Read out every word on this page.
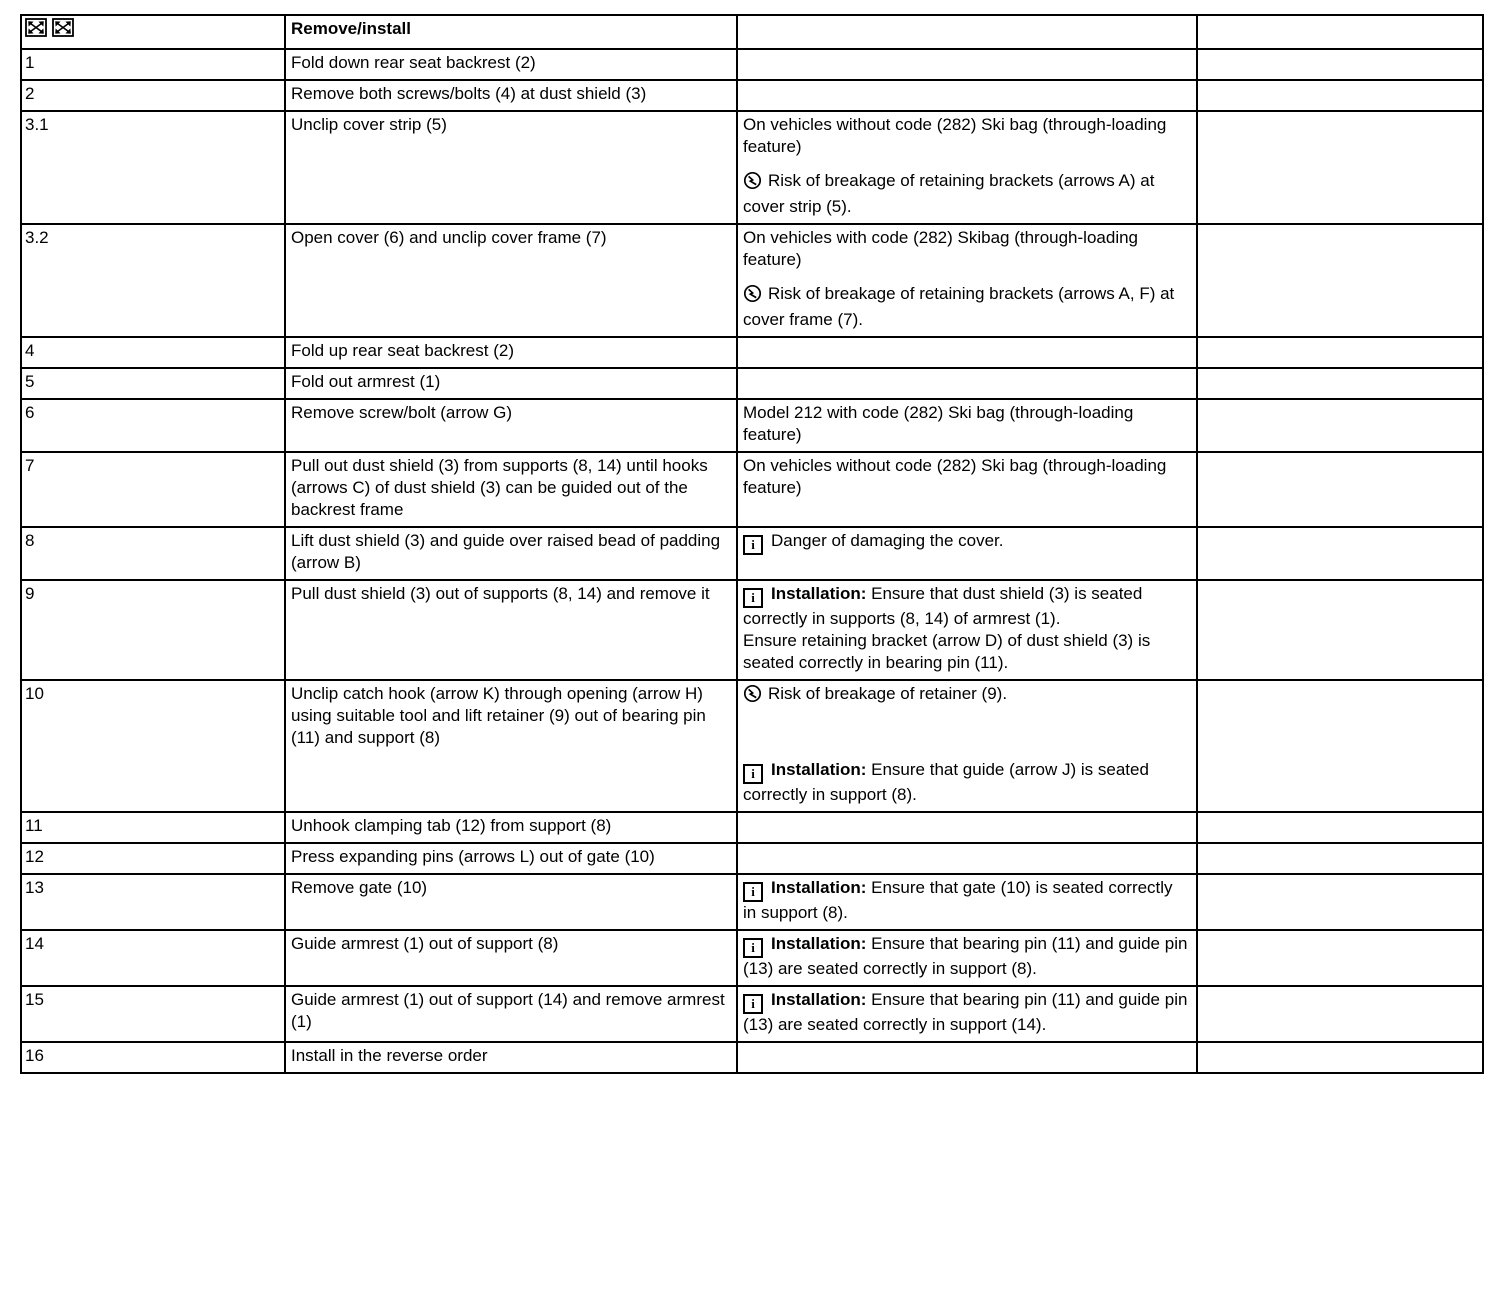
	Remove/install		
1	Fold down rear seat backrest (2)		
2	Remove both screws/bolts (4) at dust shield (3)		
3.1	Unclip cover strip (5)	On vehicles without code (282) Ski bag (through-loading feature)
Risk of breakage of retaining brackets (arrows A) at cover strip (5).	

3.2	Open cover (6) and unclip cover frame (7)	On vehicles with code (282) Skibag (through-loading feature)
Risk of breakage of retaining brackets (arrows A, F) at cover frame (7).	

4	Fold up rear seat backrest (2)		
5	Fold out armrest (1)		
6	Remove screw/bolt (arrow G)	Model 212 with code (282) Ski bag (through-loading feature)	

7	Pull out dust shield (3) from supports (8, 14) until hooks (arrows C) of dust shield (3) can be guided out of the backrest frame	On vehicles without code (282) Ski bag (through-loading feature)	

8	Lift dust shield (3) and guide over raised bead of padding (arrow B)	i Danger of damaging the cover.	

9	Pull dust shield (3) out of supports (8, 14) and remove it	i Installation: Ensure that dust shield (3) is seated correctly in supports (8, 14) of armrest (1).
Ensure retaining bracket (arrow D) of dust shield (3) is seated correctly in bearing pin (11).	

10	Unclip catch hook (arrow K) through opening (arrow H) using suitable tool and lift retainer (9) out of bearing pin (11) and support (8)	Risk of breakage of retainer (9).
i Installation: Ensure that guide (arrow J) is seated correctly in support (8).	

11	Unhook clamping tab (12) from support (8)		
12	Press expanding pins (arrows L) out of gate (10)		
13	Remove gate (10)	i Installation: Ensure that gate (10) is seated correctly in support (8).	

14	Guide armrest (1) out of support (8)	i Installation: Ensure that bearing pin (11) and guide pin (13) are seated correctly in support (8).	

15	Guide armrest (1) out of support (14) and remove armrest (1)	i Installation: Ensure that bearing pin (11) and guide pin (13) are seated correctly in support (14).	

16	Install in the reverse order		
